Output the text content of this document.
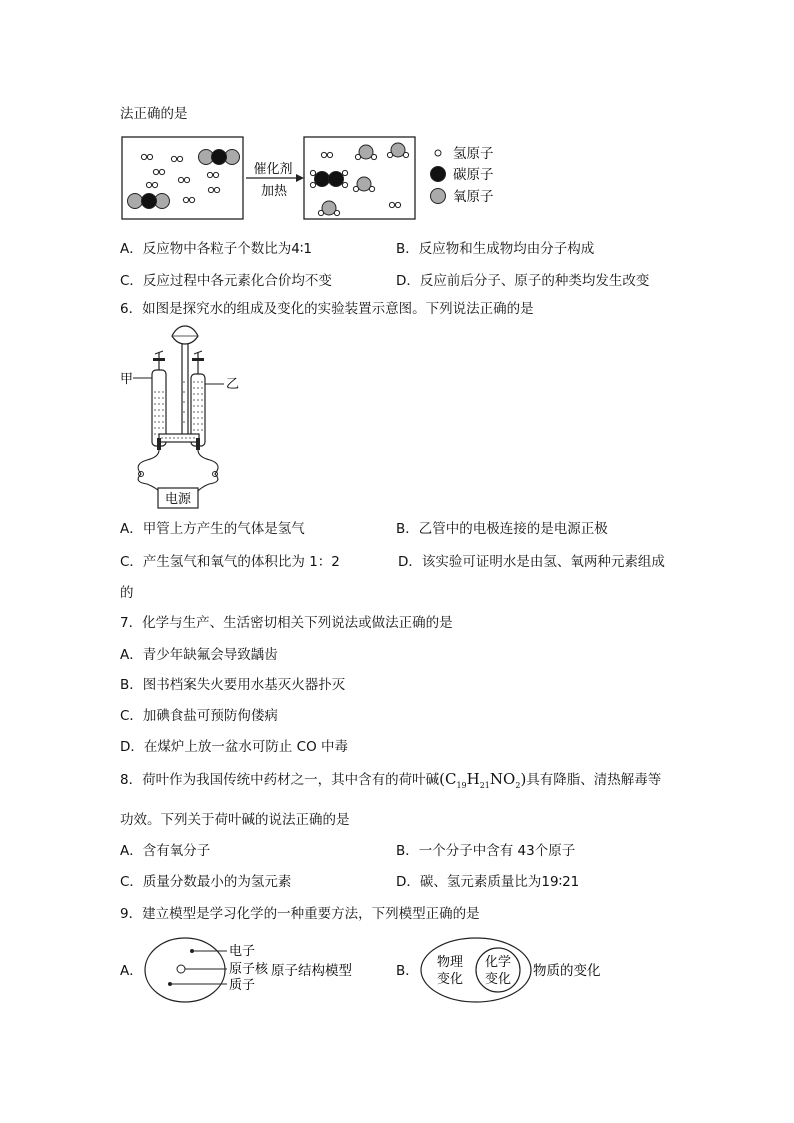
法正确的是
催化剂
加热
氢原子
碳原子
氧原子
A．反应物中各粒子个数比为4∶1	B．反应物和生成物均由分子构成
C．反应过程中各元素化合价均不变	D．反应前后分子、原子的种类均发生改变
6．如图是探究水的组成及变化的实验装置示意图。下列说法正确的是
甲	乙
电源
A．甲管上方产生的气体是氢气	B．乙管中的电极连接的是电源正极
C．产生氢气和氧气的体积比为 1：2	D．该实验可证明水是由氢、氧两种元素组成
的
7．化学与生产、生活密切相关下列说法或做法正确的是
A．青少年缺氟会导致龋齿
B．图书档案失火要用水基灭火器扑灭
C．加碘食盐可预防佝偻病
D．在煤炉上放一盆水可防止 CO 中毒
8．荷叶作为我国传统中药材之一，其中含有的荷叶碱$(C_{19}H_{21}NO_2)$具有降脂、清热解毒等
功效。下列关于荷叶碱的说法正确的是
A．含有氧分子	B．一个分子中含有 43个原子
C．质量分数最小的为氢元素	D．碳、氢元素质量比为19∶21
9．建立模型是学习化学的一种重要方法，下列模型正确的是
A．
电子
原子核
质子
原子结构模型	B．
物理
变化
化学
变化
物质的变化
